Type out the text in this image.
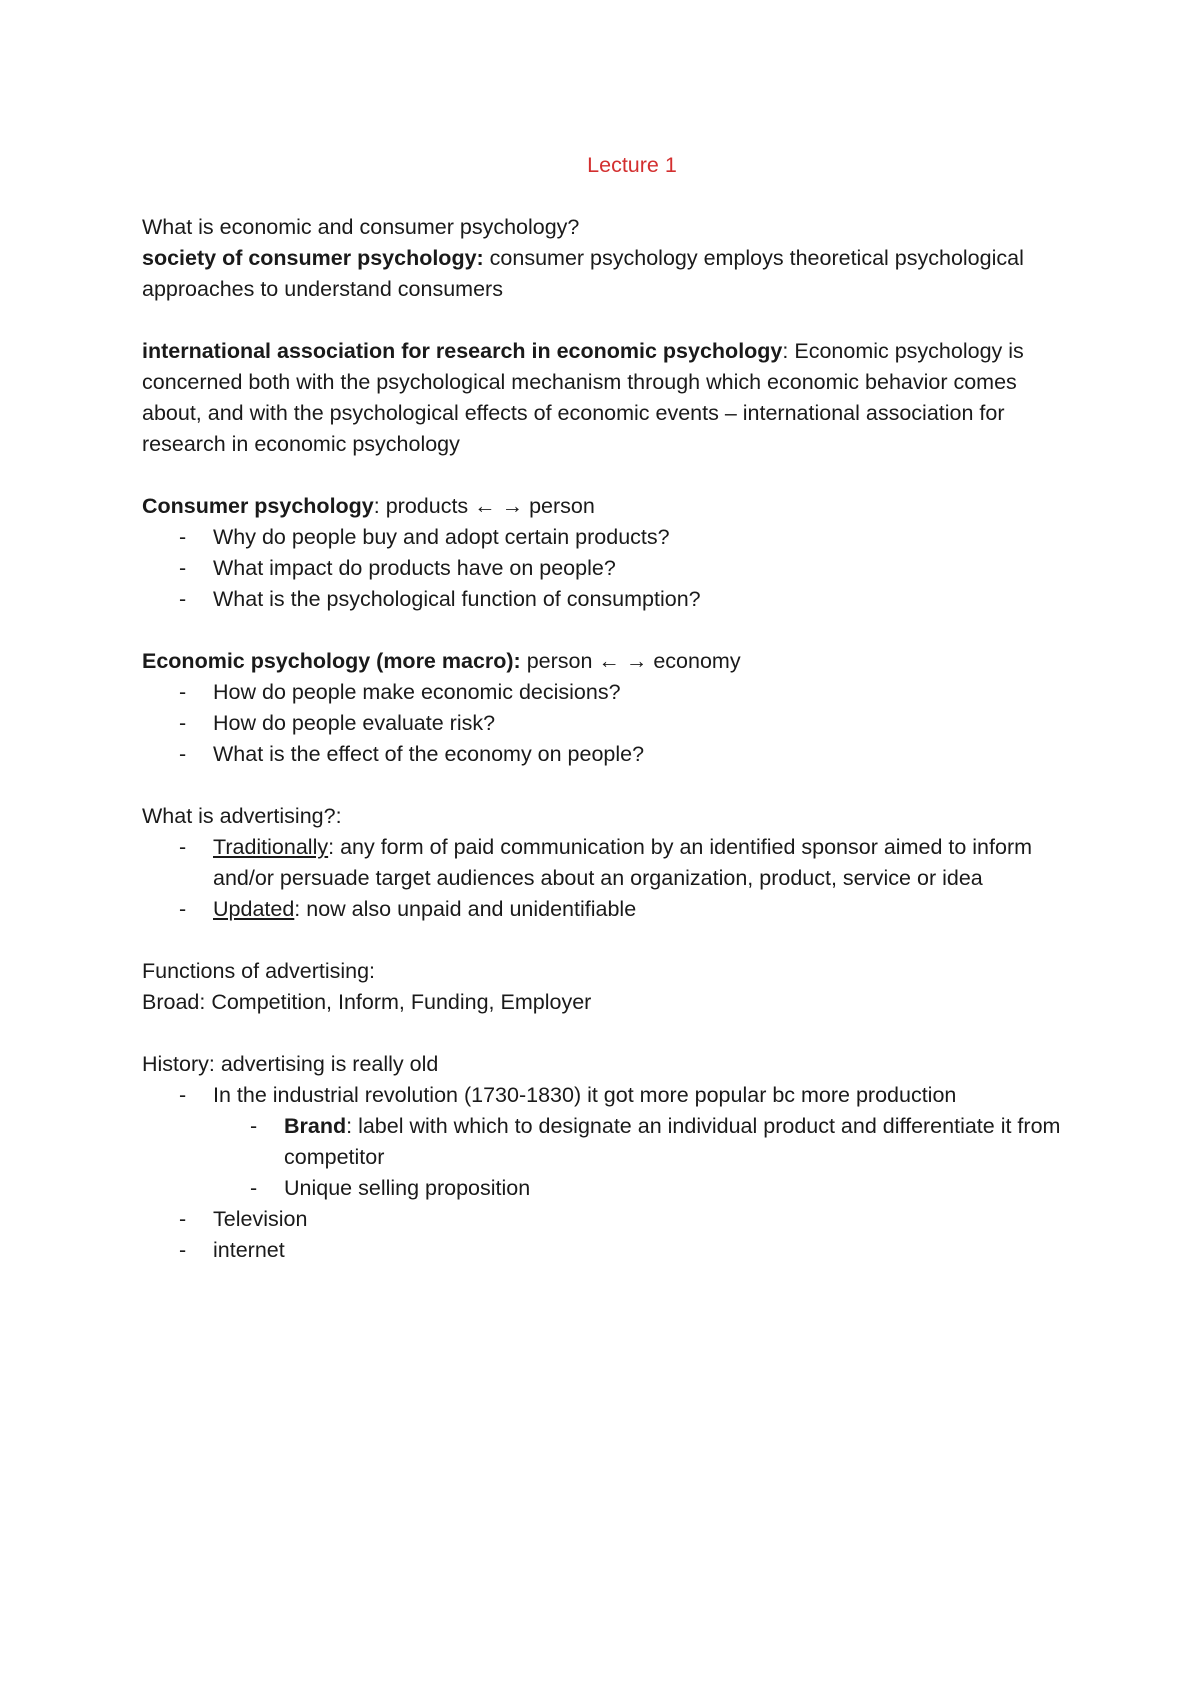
Lecture 1

What is economic and consumer psychology?

society of consumer psychology: consumer psychology employs theoretical psychological approaches to understand consumers

international association for research in economic psychology: Economic psychology is concerned both with the psychological mechanism through which economic behavior comes about, and with the psychological effects of economic events – international association for research in economic psychology

Consumer psychology: products ← → person

- Why do people buy and adopt certain products?
- What impact do products have on people?
- What is the psychological function of consumption?

Economic psychology (more macro): person ← → economy

- How do people make economic decisions?
- How do people evaluate risk?
- What is the effect of the economy on people?

What is advertising?:

- Traditionally: any form of paid communication by an identified sponsor aimed to inform and/or persuade target audiences about an organization, product, service or idea
- Updated: now also unpaid and unidentifiable

Functions of advertising:

Broad: Competition, Inform, Funding, Employer

History: advertising is really old

- In the industrial revolution (1730-1830) it got more popular bc more production
- Brand: label with which to designate an individual product and differentiate it from competitor
- Unique selling proposition
- Television
- internet
